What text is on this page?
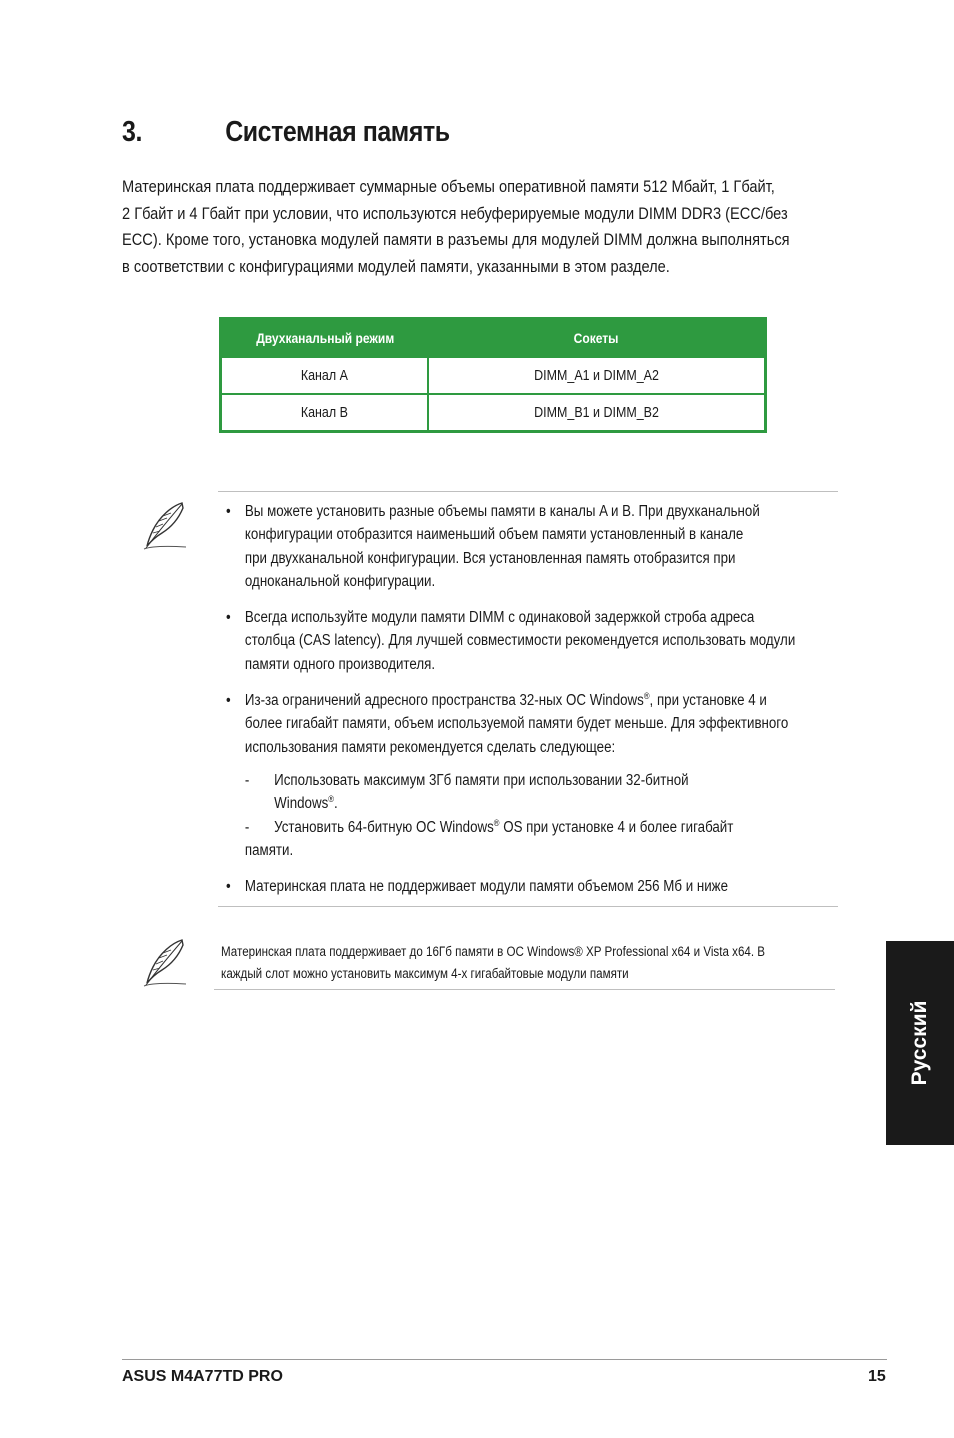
3.	Системная память

Материнская плата поддерживает суммарные объемы оперативной памяти 512 Мбайт, 1 Гбайт,

2 Гбайт и 4 Гбайт при условии, что используются небуферируемые модули DIMM DDR3 (ECC/без

ECC). Кроме того, установка модулей памяти в разъемы для модулей DIMM должна выполняться

в соответствии с конфигурациями модулей памяти, указанными в этом разделе.

Двухканальный режим	Сокеты
Канал A	DIMM_A1 и DIMM_A2
Канал B	DIMM_B1 и DIMM_B2
• Вы можете установить разные объемы памяти в каналы A и B. При двухканальной
конфигурации отобразится наименьший объем памяти установленный в канале
при двухканальной конфигурации. Вся установленная память отобразится при
одноканальной конфигурации.
• Всегда используйте модули памяти DIMM с одинаковой задержкой строба адреса
столбца (CAS latency). Для лучшей совместимости рекомендуется использовать модули
памяти одного производителя.
• Из-за ограничений адресного пространства 32-ных ОС Windows®, при установке 4 и
более гигабайт памяти, объем используемой памяти будет меньше. Для эффективного
использования памяти рекомендуется сделать следующее:
- Использовать максимум 3Гб памяти при использовании 32-битной
Windows®.
- Установить 64-битную ОС Windows® OS при установке 4 и более гигабайт
памяти.
• Материнская плата не поддерживает модули памяти объемом 256 Мб и ниже

Материнская плата поддерживает до 16Гб памяти в ОС Windows® XP Professional x64 и Vista x64. В

каждый слот можно установить максимум 4-х гигабайтовые модули памяти

Русский
ASUS M4A77TD PRO	15
